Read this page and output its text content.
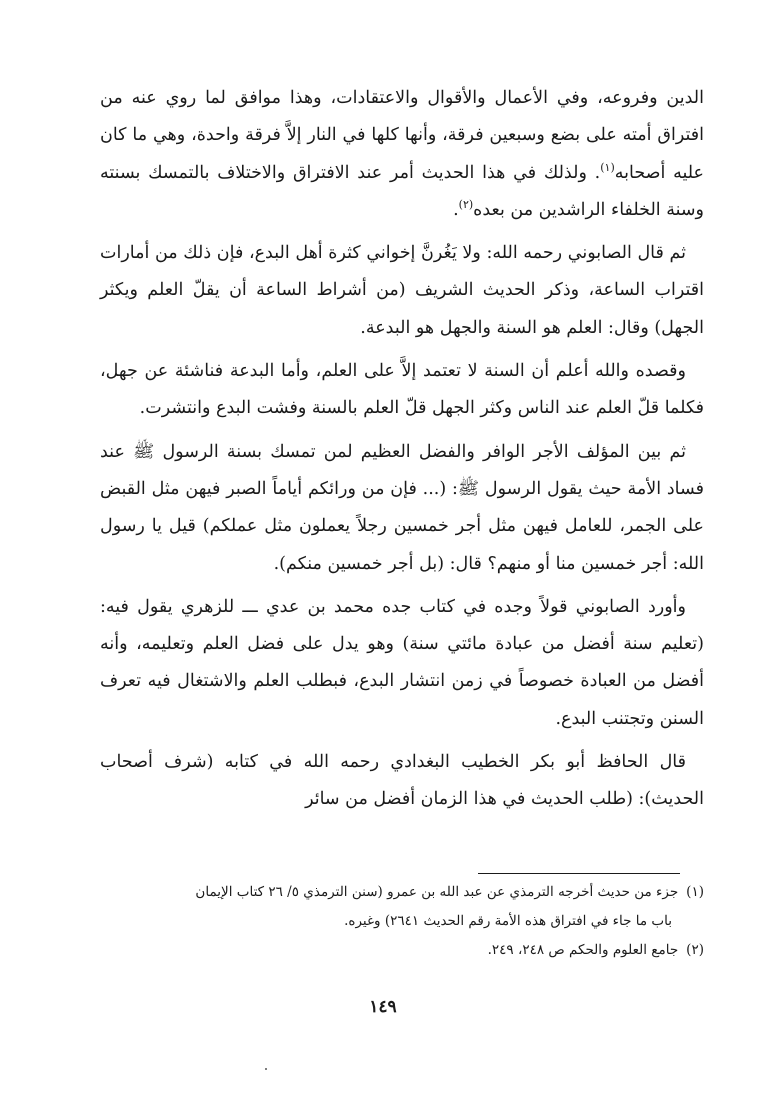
الدين وفروعه، وفي الأعمال والأقوال والاعتقادات، وهذا موافق لما روي عنه من افتراق أمته على بضع وسبعين فرقة، وأنها كلها في النار إلاَّ فرقة واحدة، وهي ما كان عليه أصحابه$^{(١)}$. ولذلك في هذا الحديث أمر عند الافتراق والاختلاف بالتمسك بسنته وسنة الخلفاء الراشدين من بعده$^{(٢)}$.

ثم قال الصابوني رحمه الله: ولا يَغُرنَّ إخواني كثرة أهل البدع، فإن ذلك من أمارات اقتراب الساعة، وذكر الحديث الشريف (من أشراط الساعة أن يقلّ العلم ويكثر الجهل) وقال: العلم هو السنة والجهل هو البدعة.

وقصده والله أعلم أن السنة لا تعتمد إلاَّ على العلم، وأما البدعة فناشئة عن جهل، فكلما قلّ العلم عند الناس وكثر الجهل قلّ العلم بالسنة وفشت البدع وانتشرت.

ثم بين المؤلف الأجر الوافر والفضل العظيم لمن تمسك بسنة الرسول ﷺ عند فساد الأمة حيث يقول الرسول ﷺ: (... فإن من ورائكم أياماً الصبر فيهن مثل القبض على الجمر، للعامل فيهن مثل أجر خمسين رجلاً يعملون مثل عملكم) قيل يا رسول الله: أجر خمسين منا أو منهم؟ قال: (بل أجر خمسين منكم).

وأورد الصابوني قولاً وجده في كتاب جده محمد بن عدي ـــ للزهري يقول فيه: (تعليم سنة أفضل من عبادة مائتي سنة) وهو يدل على فضل العلم وتعليمه، وأنه أفضل من العبادة خصوصاً في زمن انتشار البدع، فبطلب العلم والاشتغال فيه تعرف السنن وتجتنب البدع.

قال الحافظ أبو بكر الخطيب البغدادي رحمه الله في كتابه (شرف أصحاب الحديث): (طلب الحديث في هذا الزمان أفضل من سائر

(١)جزء من حديث أخرجه الترمذي عن عبد الله بن عمرو (سنن الترمذي ٥/ ٢٦ كتاب الإيمان

باب ما جاء في افتراق هذه الأمة رقم الحديث ٢٦٤١) وغيره.

(٢)جامع العلوم والحكم ص ٢٤٨، ٢٤٩.

١٤٩
